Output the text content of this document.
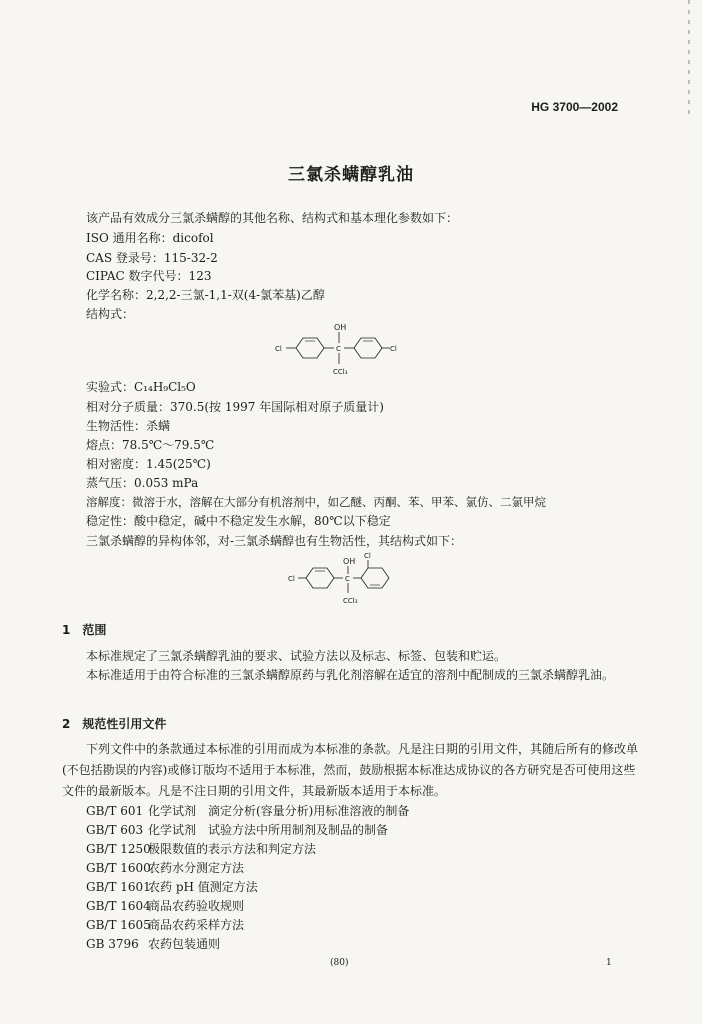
HG 3700—2002
三氯杀螨醇乳油
该产品有效成分三氯杀螨醇的其他名称、结构式和基本理化参数如下：
ISO 通用名称：dicofol
CAS 登录号：115-32-2
CIPAC 数字代号：123
化学名称：2,2,2-三氯-1,1-双(4-氯苯基)乙醇
结构式：
OH
C
CCl₃
Cl	Cl
实验式：C₁₄H₉Cl₅O
相对分子质量：370.5(按 1997 年国际相对原子质量计)
生物活性：杀螨
熔点：78.5℃～79.5℃
相对密度：1.45(25℃)
蒸气压：0.053 mPa
溶解度：微溶于水，溶解在大部分有机溶剂中，如乙醚、丙酮、苯、甲苯、氯仿、二氯甲烷
稳定性：酸中稳定，碱中不稳定发生水解，80℃以下稳定
三氯杀螨醇的异构体邻，对-三氯杀螨醇也有生物活性，其结构式如下：
OH
C
CCl₃
Cl
Cl
1　范围
本标准规定了三氯杀螨醇乳油的要求、试验方法以及标志、标签、包装和贮运。
本标准适用于由符合标准的三氯杀螨醇原药与乳化剂溶解在适宜的溶剂中配制成的三氯杀螨醇乳油。
2　规范性引用文件
下列文件中的条款通过本标准的引用而成为本标准的条款。凡是注日期的引用文件，其随后所有的修改单(不包括勘误的内容)或修订版均不适用于本标准，然而，鼓励根据本标准达成协议的各方研究是否可使用这些文件的最新版本。凡是不注日期的引用文件，其最新版本适用于本标准。
GB/T 601 化学试剂　滴定分析(容量分析)用标准溶液的制备
GB/T 603 化学试剂　试验方法中所用制剂及制品的制备
GB/T 1250极限数值的表示方法和判定方法
GB/T 1600农药水分测定方法
GB/T 1601农药 pH 值测定方法
GB/T 1604商品农药验收规则
GB/T 1605商品农药采样方法
GB 3796 农药包装通则
(80)	1
